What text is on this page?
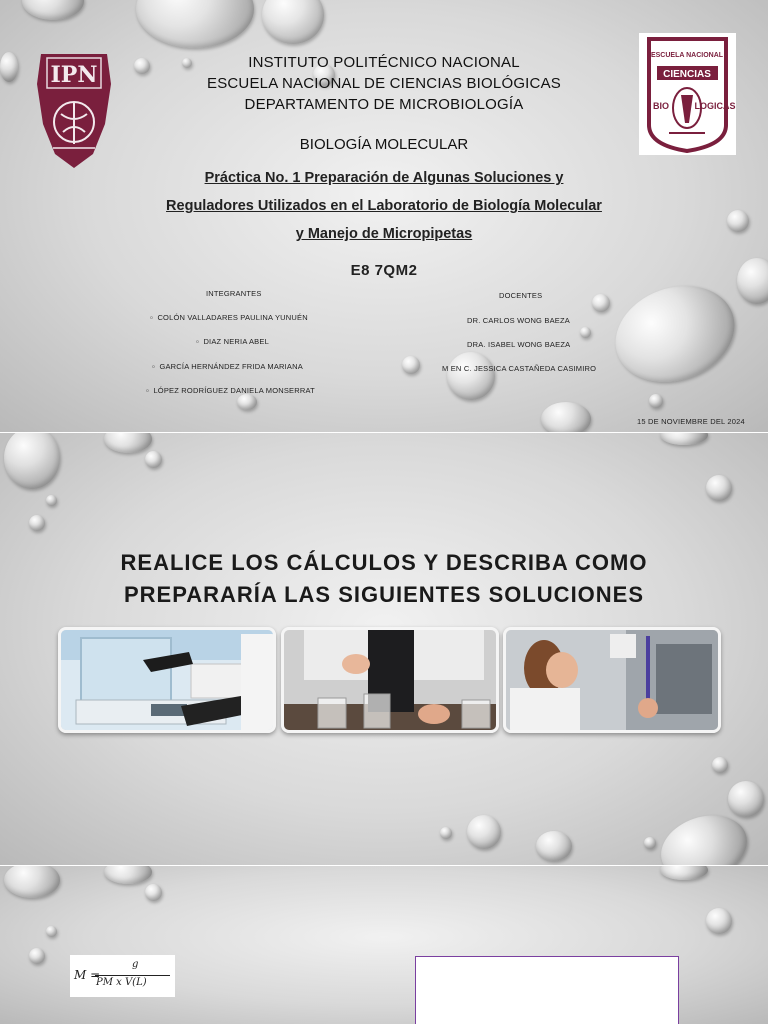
IPN
ESCUELA NACIONAL
CIENCIAS
BIO	LOGICAS
INSTITUTO POLITÉCNICO NACIONAL
ESCUELA NACIONAL DE CIENCIAS BIOLÓGICAS
DEPARTAMENTO DE MICROBIOLOGÍA
BIOLOGÍA MOLECULAR
Práctica No. 1 Preparación de Algunas Soluciones y
Reguladores Utilizados en el Laboratorio de Biología Molecular
y Manejo de Micropipetas
E8 7QM2
INTEGRANTES
▫  COLÓN VALLADARES PAULINA YUNUÉN
▫  DIAZ NERIA ABEL
▫  GARCÍA HERNÁNDEZ FRIDA MARIANA
▫  LÓPEZ RODRÍGUEZ DANIELA MONSERRAT
DOCENTES
DR. CARLOS WONG BAEZA
DRA. ISABEL WONG BAEZA
M EN C. JESSICA CASTAÑEDA CASIMIRO
15 DE NOVIEMBRE DEL 2024
REALICE LOS CÁLCULOS Y DESCRIBA COMO
PREPARARÍA LAS SIGUIENTES SOLUCIONES
M =
g
PM x V(L)
